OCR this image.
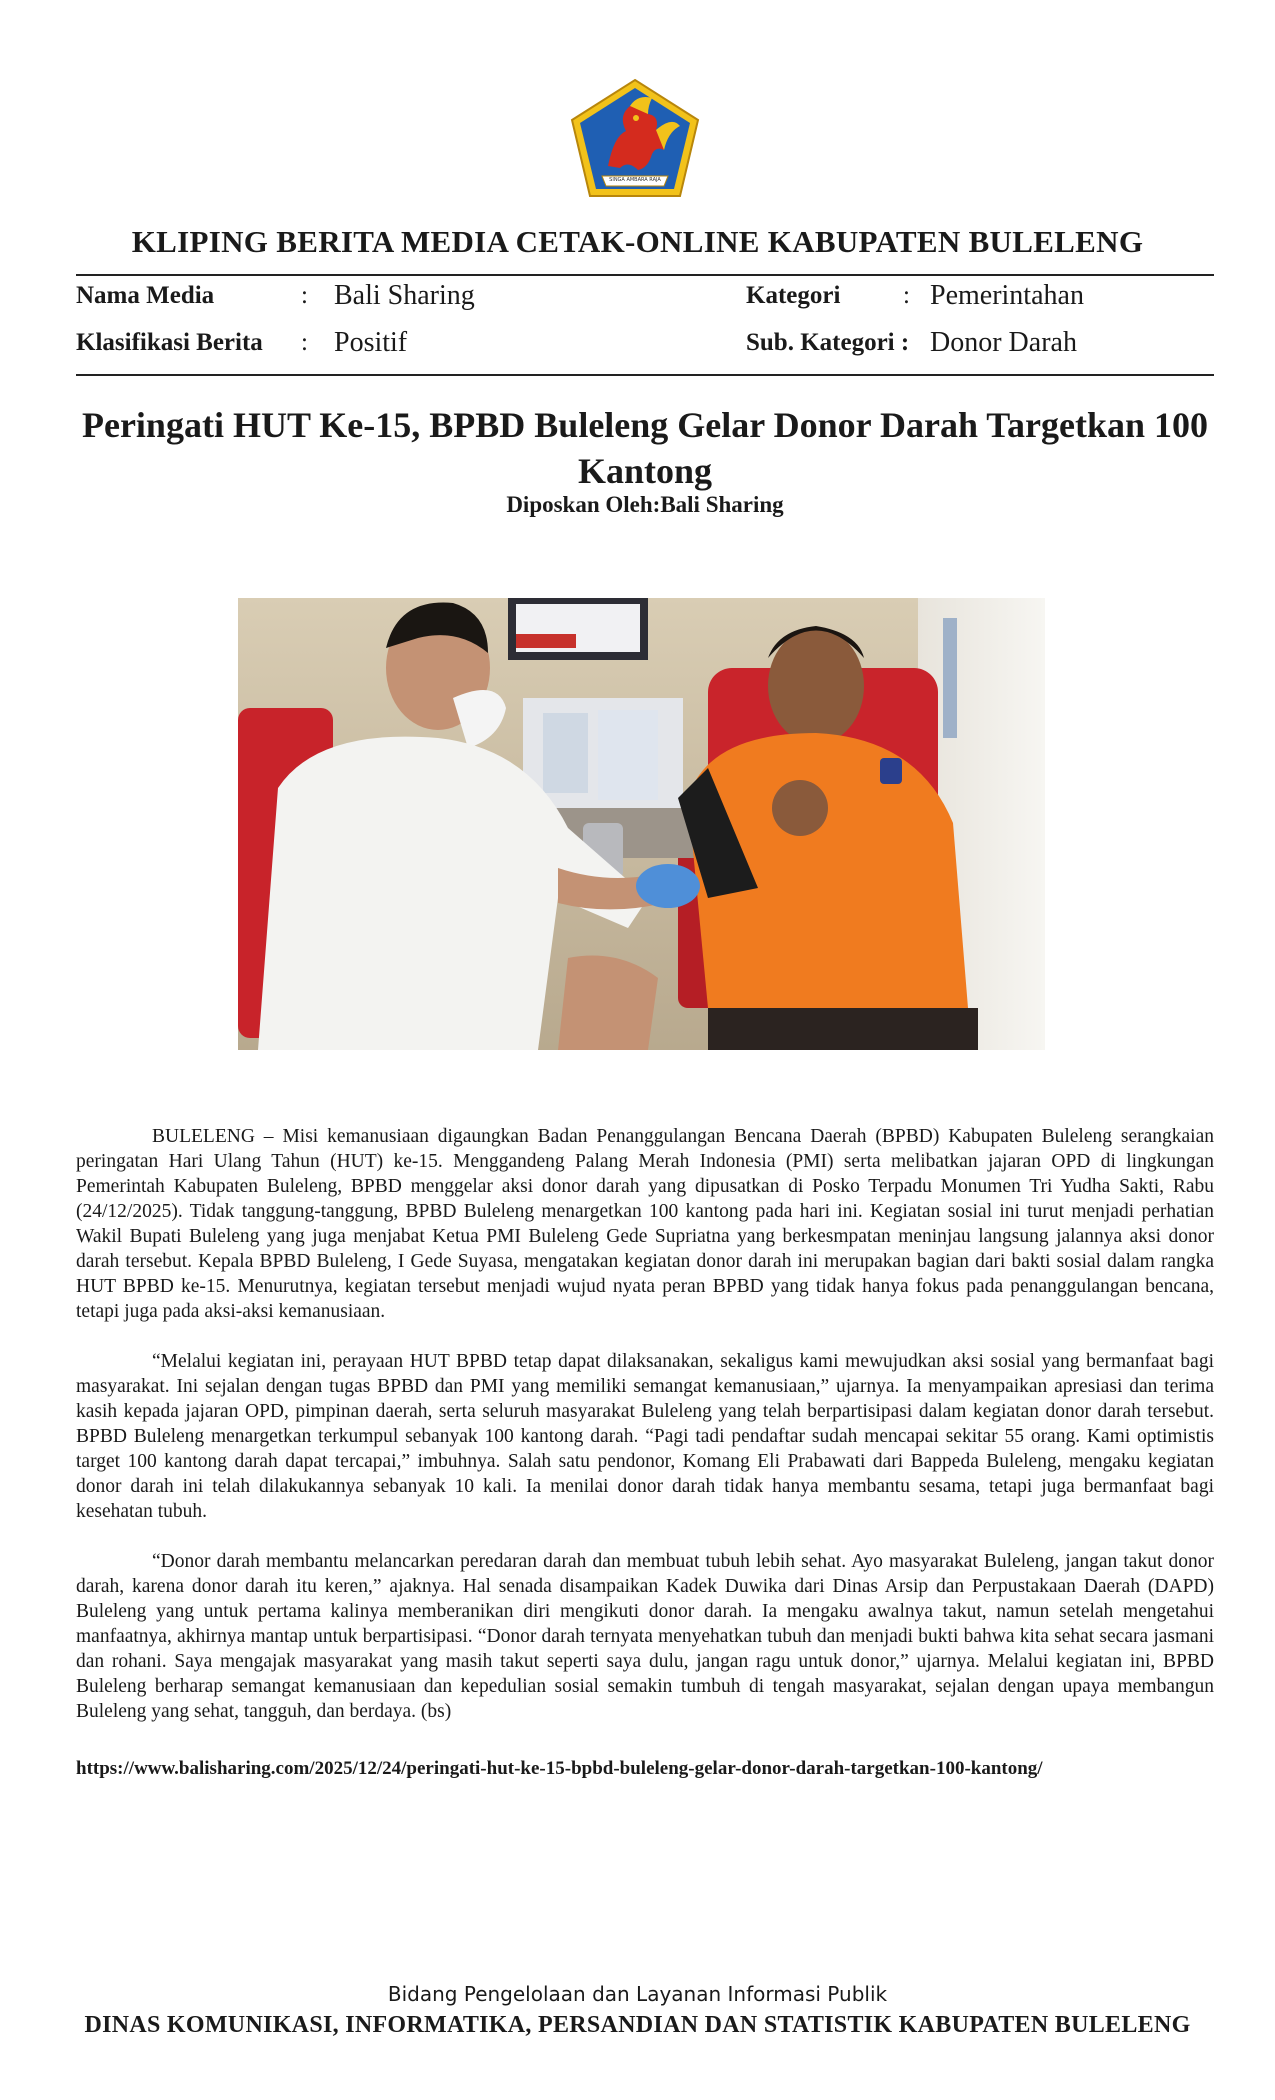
SINGA AMBARA RAJA
KLIPING BERITA MEDIA CETAK-ONLINE KABUPATEN BULELENG
Nama Media	: Bali Sharing	Kategori	: Pemerintahan
Klasifikasi Berita : Positif	Sub. Kategori : Donor Darah
Peringati HUT Ke-15, BPBD Buleleng Gelar Donor Darah Targetkan 100 Kantong
Diposkan Oleh:Bali Sharing

BULELENG – Misi kemanusiaan digaungkan Badan Penanggulangan Bencana Daerah (BPBD) Kabupaten Buleleng serangkaian peringatan Hari Ulang Tahun (HUT) ke-15. Menggandeng Palang Merah Indonesia (PMI) serta melibatkan jajaran OPD di lingkungan Pemerintah Kabupaten Buleleng, BPBD menggelar aksi donor darah yang dipusatkan di Posko Terpadu Monumen Tri Yudha Sakti, Rabu (24/12/2025). Tidak tanggung-tanggung, BPBD Buleleng menargetkan 100 kantong pada hari ini. Kegiatan sosial ini turut menjadi perhatian Wakil Bupati Buleleng yang juga menjabat Ketua PMI Buleleng Gede Supriatna yang berkesmpatan meninjau langsung jalannya aksi donor darah tersebut. Kepala BPBD Buleleng, I Gede Suyasa, mengatakan kegiatan donor darah ini merupakan bagian dari bakti sosial dalam rangka HUT BPBD ke-15. Menurutnya, kegiatan tersebut menjadi wujud nyata peran BPBD yang tidak hanya fokus pada penanggulangan bencana, tetapi juga pada aksi-aksi kemanusiaan.

“Melalui kegiatan ini, perayaan HUT BPBD tetap dapat dilaksanakan, sekaligus kami mewujudkan aksi sosial yang bermanfaat bagi masyarakat. Ini sejalan dengan tugas BPBD dan PMI yang memiliki semangat kemanusiaan,” ujarnya. Ia menyampaikan apresiasi dan terima kasih kepada jajaran OPD, pimpinan daerah, serta seluruh masyarakat Buleleng yang telah berpartisipasi dalam kegiatan donor darah tersebut. BPBD Buleleng menargetkan terkumpul sebanyak 100 kantong darah. “Pagi tadi pendaftar sudah mencapai sekitar 55 orang. Kami optimistis target 100 kantong darah dapat tercapai,” imbuhnya. Salah satu pendonor, Komang Eli Prabawati dari Bappeda Buleleng, mengaku kegiatan donor darah ini telah dilakukannya sebanyak 10 kali. Ia menilai donor darah tidak hanya membantu sesama, tetapi juga bermanfaat bagi kesehatan tubuh.

“Donor darah membantu melancarkan peredaran darah dan membuat tubuh lebih sehat. Ayo masyarakat Buleleng, jangan takut donor darah, karena donor darah itu keren,” ajaknya. Hal senada disampaikan Kadek Duwika dari Dinas Arsip dan Perpustakaan Daerah (DAPD) Buleleng yang untuk pertama kalinya memberanikan diri mengikuti donor darah. Ia mengaku awalnya takut, namun setelah mengetahui manfaatnya, akhirnya mantap untuk berpartisipasi. “Donor darah ternyata menyehatkan tubuh dan menjadi bukti bahwa kita sehat secara jasmani dan rohani. Saya mengajak masyarakat yang masih takut seperti saya dulu, jangan ragu untuk donor,” ujarnya. Melalui kegiatan ini, BPBD Buleleng berharap semangat kemanusiaan dan kepedulian sosial semakin tumbuh di tengah masyarakat, sejalan dengan upaya membangun Buleleng yang sehat, tangguh, dan berdaya. (bs)

https://www.balisharing.com/2025/12/24/peringati-hut-ke-15-bpbd-buleleng-gelar-donor-darah-targetkan-100-kantong/
Bidang Pengelolaan dan Layanan Informasi Publik
DINAS KOMUNIKASI, INFORMATIKA, PERSANDIAN DAN STATISTIK KABUPATEN BULELENG
